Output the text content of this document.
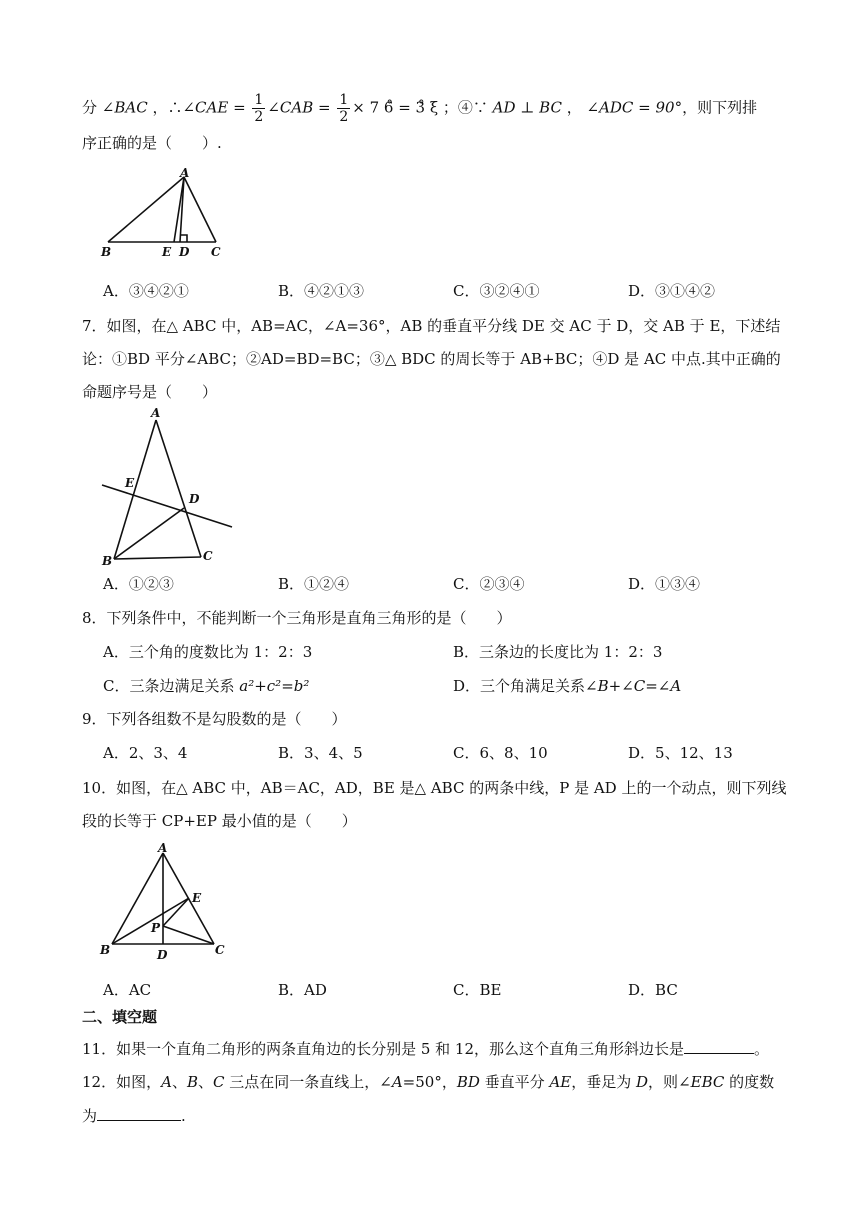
分 ∠BAC ，∴∠CAE = $\frac{1}{2}$ ∠CAB = $\frac{1}{2} \times 7$ 6̊ = 3̊ ξ ；④∵ AD ⊥ BC ， ∠ADC = 90°，则下列排
序正确的是（　　）.
A
B	E D C
A．③④②①	B．④②①③	C．③②④①	D．③①④②
7．如图，在△ ABC 中，AB=AC，∠A=36°，AB 的垂直平分线 DE 交 AC 于 D，交 AB 于 E，下述结
论：①BD 平分∠ABC；②AD=BD=BC；③△ BDC 的周长等于 AB+BC；④D 是 AC 中点.其中正确的
命题序号是（　　）
A
E
D
B	C
A．①②③	B．①②④	C．②③④	D．①③④
8．下列条件中，不能判断一个三角形是直角三角形的是（　　）
A．三个角的度数比为 1：2：3	B．三条边的长度比为 1：2：3
C．三条边满足关系 a²+c²=b²	D．三个角满足关系∠B+∠C=∠A
9．下列各组数不是勾股数的是（　　）
A．2、3、4	B．3、4、5	C．6、8、10	D．5、12、13
10．如图，在△ ABC 中，AB＝AC，AD，BE 是△ ABC 的两条中线，P 是 AD 上的一个动点，则下列线
段的长等于 CP+EP 最小值的是（　　）
A
E
P
B	D	C
A．AC	B．AD	C．BE	D．BC
二、填空题
11．如果一个直角二角形的两条直角边的长分别是 5 和 12，那么这个直角三角形斜边长是	。
12．如图，A、B、C 三点在同一条直线上，∠A=50°，BD 垂直平分 AE，垂足为 D，则∠EBC 的度数
为	.
